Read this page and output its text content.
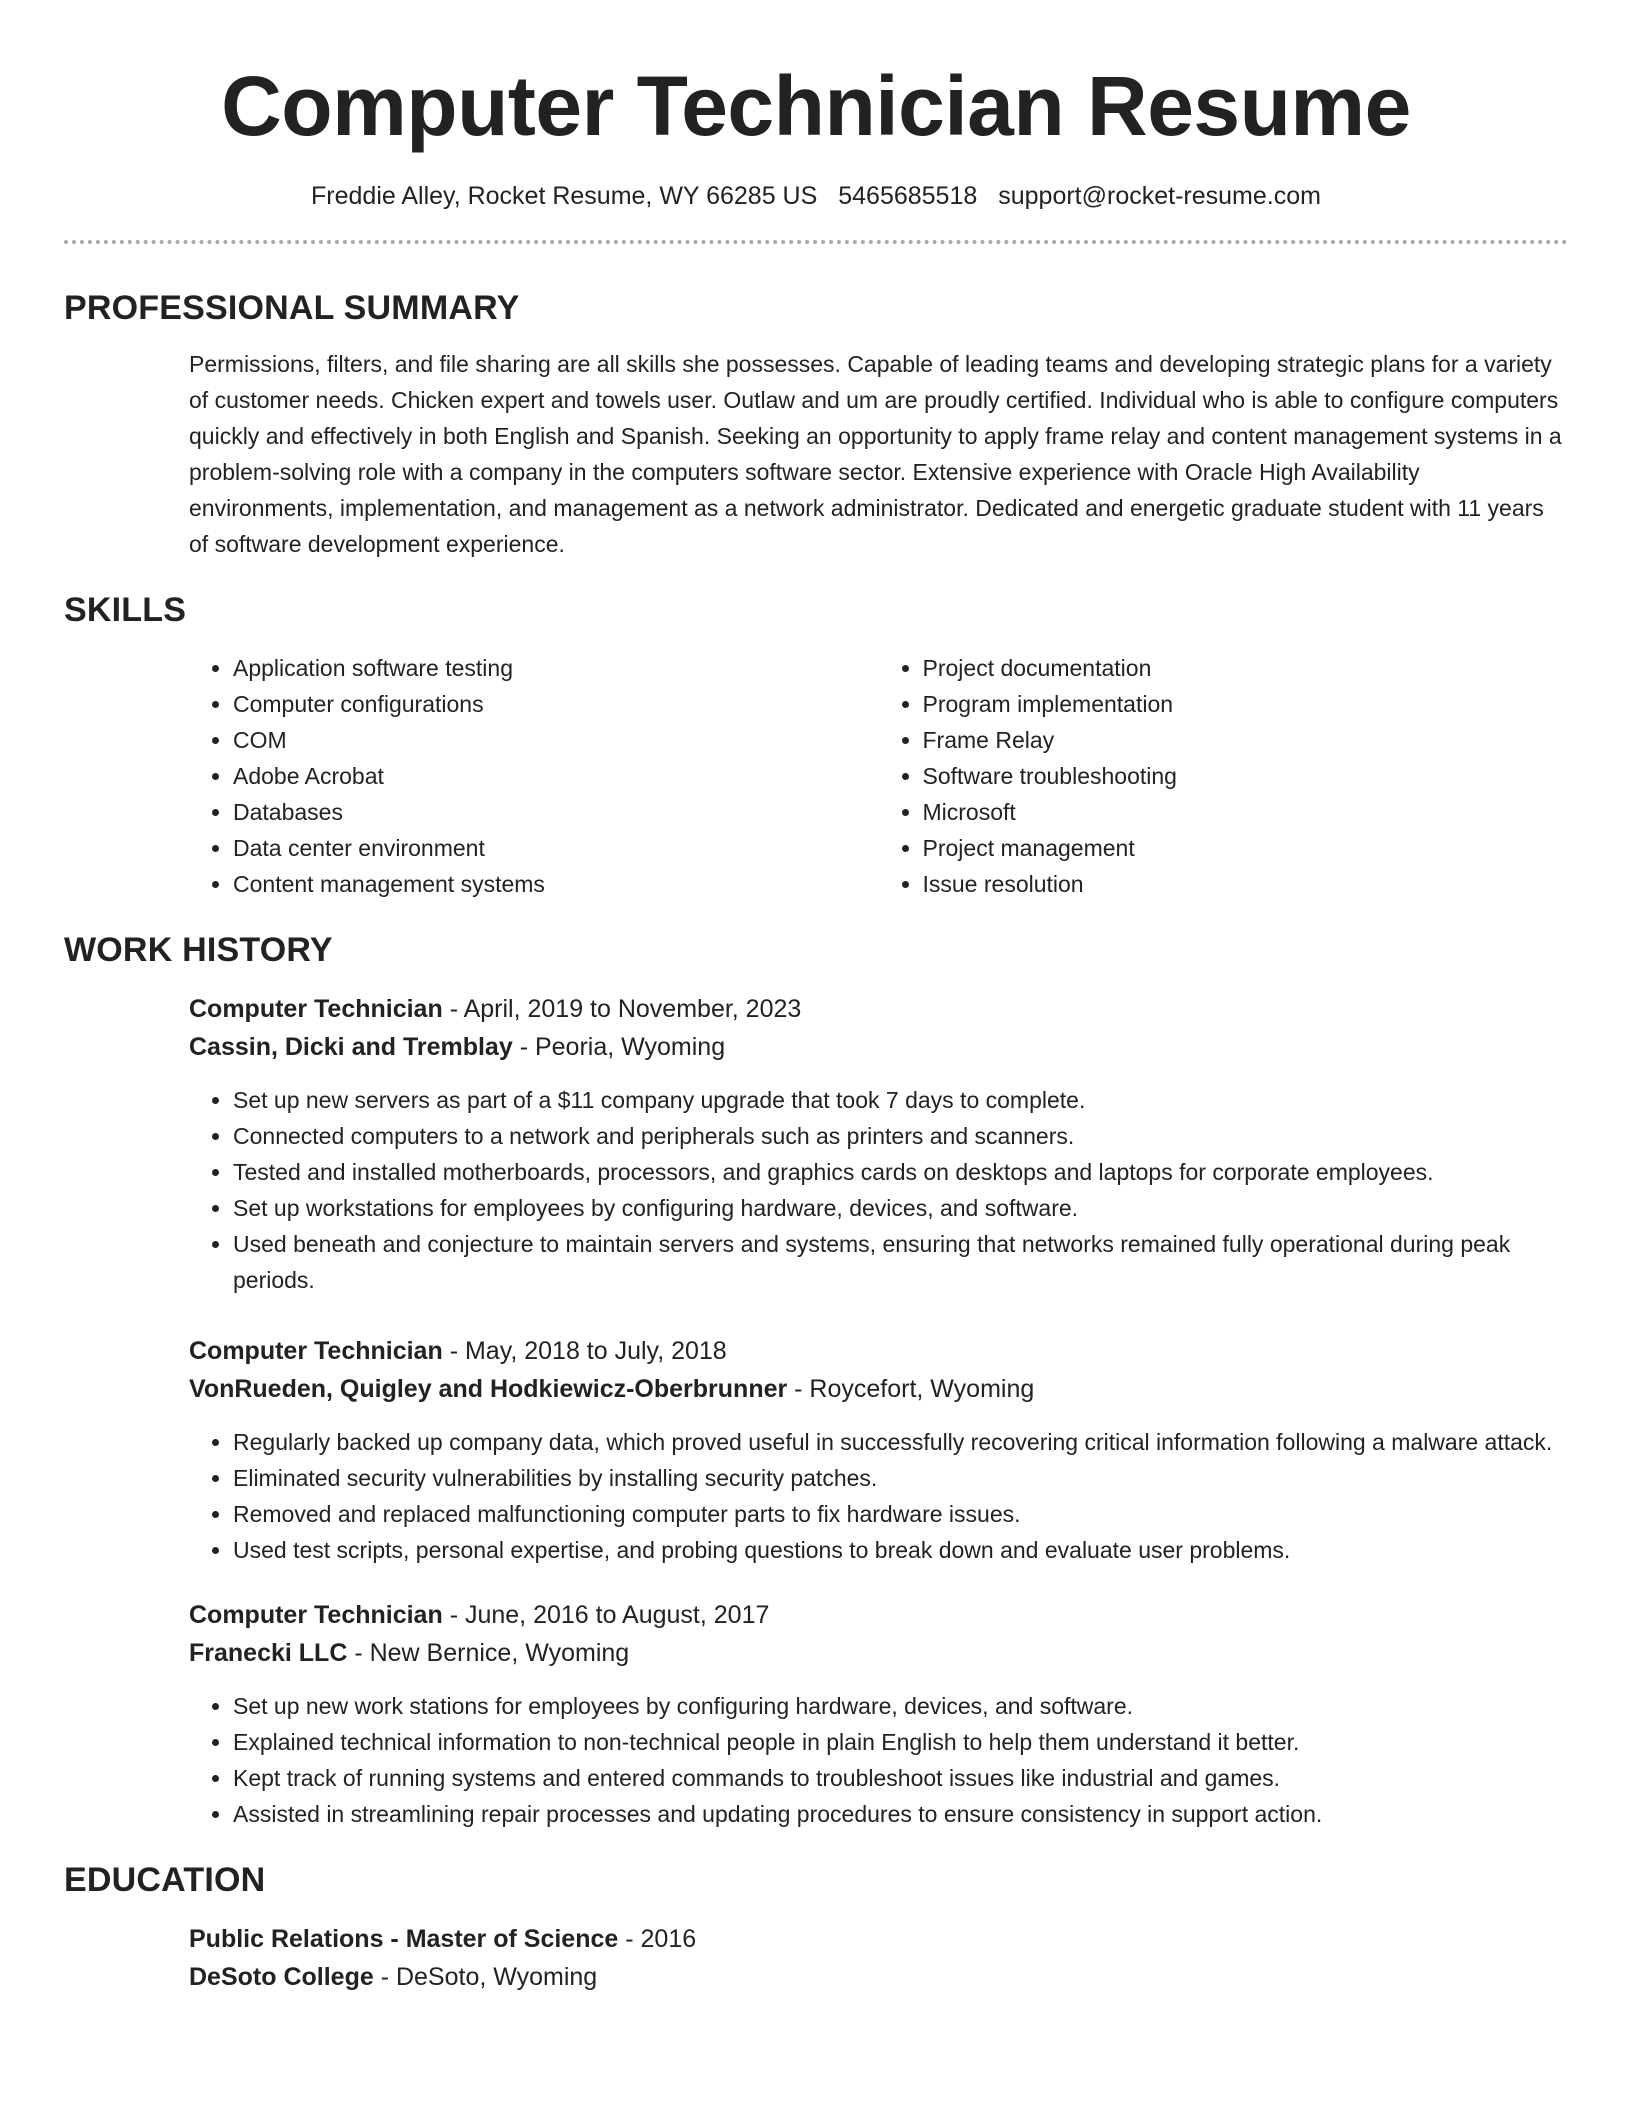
Computer Technician Resume
Freddie Alley, Rocket Resume, WY 66285 US 5465685518 support@rocket-resume.com
PROFESSIONAL SUMMARY

Permissions, filters, and file sharing are all skills she possesses. Capable of leading teams and developing strategic plans for a variety of customer needs. Chicken expert and towels user. Outlaw and um are proudly certified. Individual who is able to configure computers quickly and effectively in both English and Spanish. Seeking an opportunity to apply frame relay and content management systems in a problem-solving role with a company in the computers software sector. Extensive experience with Oracle High Availability environments, implementation, and management as a network administrator. Dedicated and energetic graduate student with 11 years of software development experience.

SKILLS
• Application software testing
• Computer configurations
• COM
• Adobe Acrobat
• Databases
• Data center environment
• Content management systems
• Project documentation
• Program implementation
• Frame Relay
• Software troubleshooting
• Microsoft
• Project management
• Issue resolution
WORK HISTORY
Computer Technician - April, 2019 to November, 2023
Cassin, Dicki and Tremblay - Peoria, Wyoming
• Set up new servers as part of a $11 company upgrade that took 7 days to complete.
• Connected computers to a network and peripherals such as printers and scanners.
• Tested and installed motherboards, processors, and graphics cards on desktops and laptops for corporate employees.
• Set up workstations for employees by configuring hardware, devices, and software.
• Used beneath and conjecture to maintain servers and systems, ensuring that networks remained fully operational during peak periods.
Computer Technician - May, 2018 to July, 2018
VonRueden, Quigley and Hodkiewicz-Oberbrunner - Roycefort, Wyoming
• Regularly backed up company data, which proved useful in successfully recovering critical information following a malware attack.
• Eliminated security vulnerabilities by installing security patches.
• Removed and replaced malfunctioning computer parts to fix hardware issues.
• Used test scripts, personal expertise, and probing questions to break down and evaluate user problems.
Computer Technician - June, 2016 to August, 2017
Franecki LLC - New Bernice, Wyoming
• Set up new work stations for employees by configuring hardware, devices, and software.
• Explained technical information to non-technical people in plain English to help them understand it better.
• Kept track of running systems and entered commands to troubleshoot issues like industrial and games.
• Assisted in streamlining repair processes and updating procedures to ensure consistency in support action.
EDUCATION
Public Relations - Master of Science - 2016
DeSoto College - DeSoto, Wyoming
